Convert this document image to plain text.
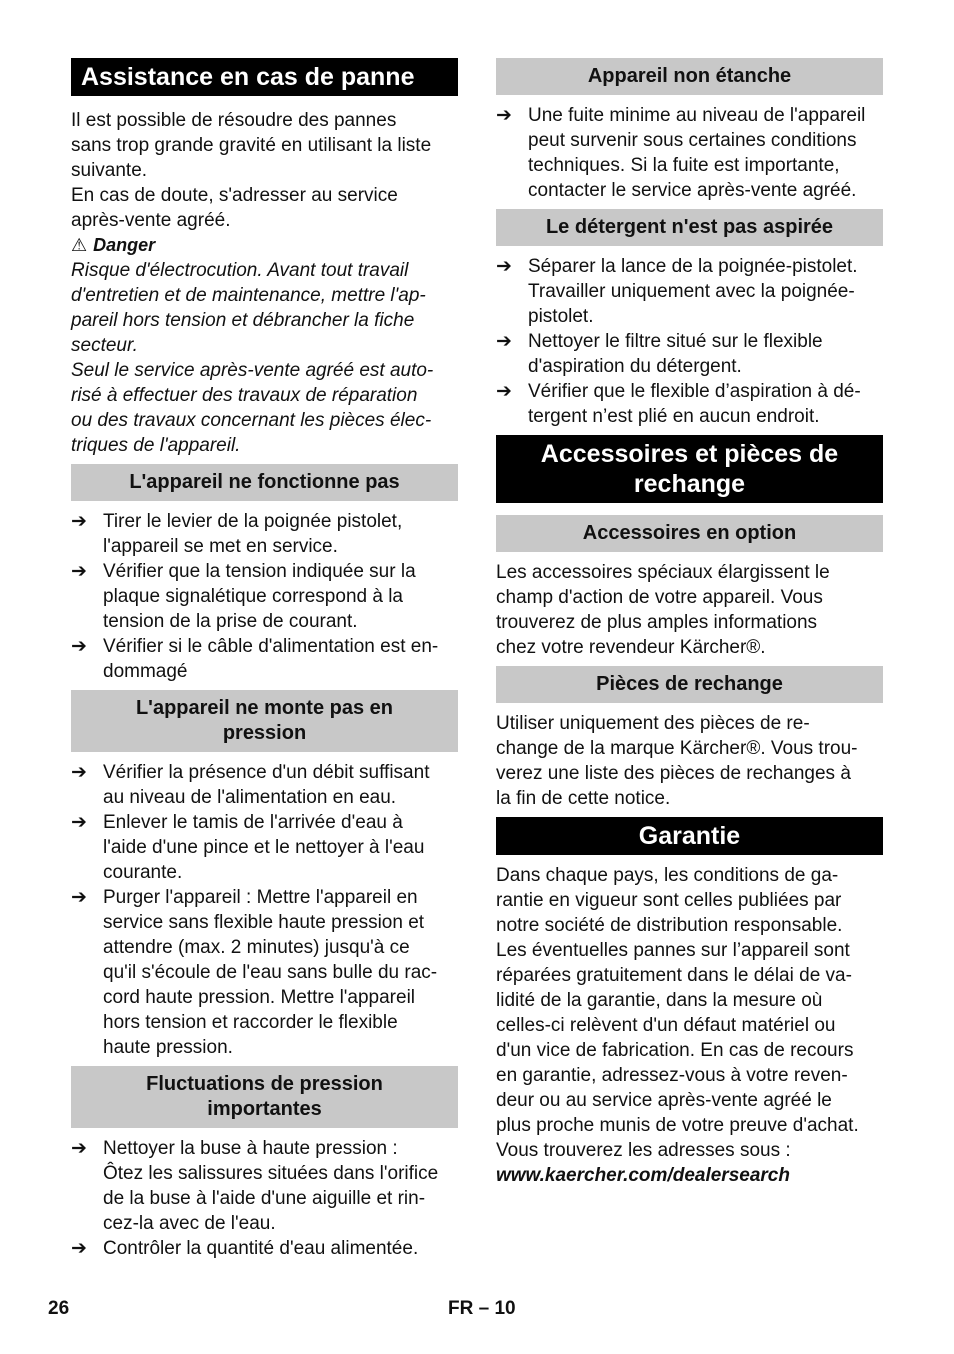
Assistance en cas de panne
Il est possible de résoudre des pannes
sans trop grande gravité en utilisant la liste
suivante.
En cas de doute, s'adresser au service
après-vente agréé.
⚠ Danger
Risque d'électrocution. Avant tout travail
d'entretien et de maintenance, mettre l'ap-
pareil hors tension et débrancher la fiche
secteur.
Seul le service après-vente agréé est auto-
risé à effectuer des travaux de réparation
ou des travaux concernant les pièces élec-
triques de l'appareil.
L'appareil ne fonctionne pas
➔ Tirer le levier de la poignée pistolet,
l'appareil se met en service.
➔ Vérifier que la tension indiquée sur la
plaque signalétique correspond à la
tension de la prise de courant.
➔ Vérifier si le câble d'alimentation est en-
dommagé
L'appareil ne monte pas en
pression
➔ Vérifier la présence d'un débit suffisant
au niveau de l'alimentation en eau.
➔ Enlever le tamis de l'arrivée d'eau à
l'aide d'une pince et le nettoyer à l'eau
courante.
➔ Purger l'appareil : Mettre l'appareil en
service sans flexible haute pression et
attendre (max. 2 minutes) jusqu'à ce
qu'il s'écoule de l'eau sans bulle du rac-
cord haute pression. Mettre l'appareil
hors tension et raccorder le flexible
haute pression.
Fluctuations de pression
importantes
➔ Nettoyer la buse à haute pression :
Ôtez les salissures situées dans l'orifice
de la buse à l'aide d'une aiguille et rin-
cez-la avec de l'eau.
➔ Contrôler la quantité d'eau alimentée.
Appareil non étanche
➔ Une fuite minime au niveau de l'appareil
peut survenir sous certaines conditions
techniques. Si la fuite est importante,
contacter le service après-vente agréé.
Le détergent n'est pas aspirée
➔ Séparer la lance de la poignée-pistolet.
Travailler uniquement avec la poignée-
pistolet.
➔ Nettoyer le filtre situé sur le flexible
d'aspiration du détergent.
➔ Vérifier que le flexible d’aspiration à dé-
tergent n’est plié en aucun endroit.
Accessoires et pièces de
rechange
Accessoires en option
Les accessoires spéciaux élargissent le
champ d'action de votre appareil. Vous
trouverez de plus amples informations
chez votre revendeur Kärcher®.
Pièces de rechange
Utiliser uniquement des pièces de re-
change de la marque Kärcher®. Vous trou-
verez une liste des pièces de rechanges à
la fin de cette notice.
Garantie
Dans chaque pays, les conditions de ga-
rantie en vigueur sont celles publiées par
notre société de distribution responsable.
Les éventuelles pannes sur l’appareil sont
réparées gratuitement dans le délai de va-
lidité de la garantie, dans la mesure où
celles-ci relèvent d'un défaut matériel ou
d'un vice de fabrication. En cas de recours
en garantie, adressez-vous à votre reven-
deur ou au service après-vente agréé le
plus proche munis de votre preuve d'achat.
Vous trouverez les adresses sous :
www.kaercher.com/dealersearch
26	FR – 10
